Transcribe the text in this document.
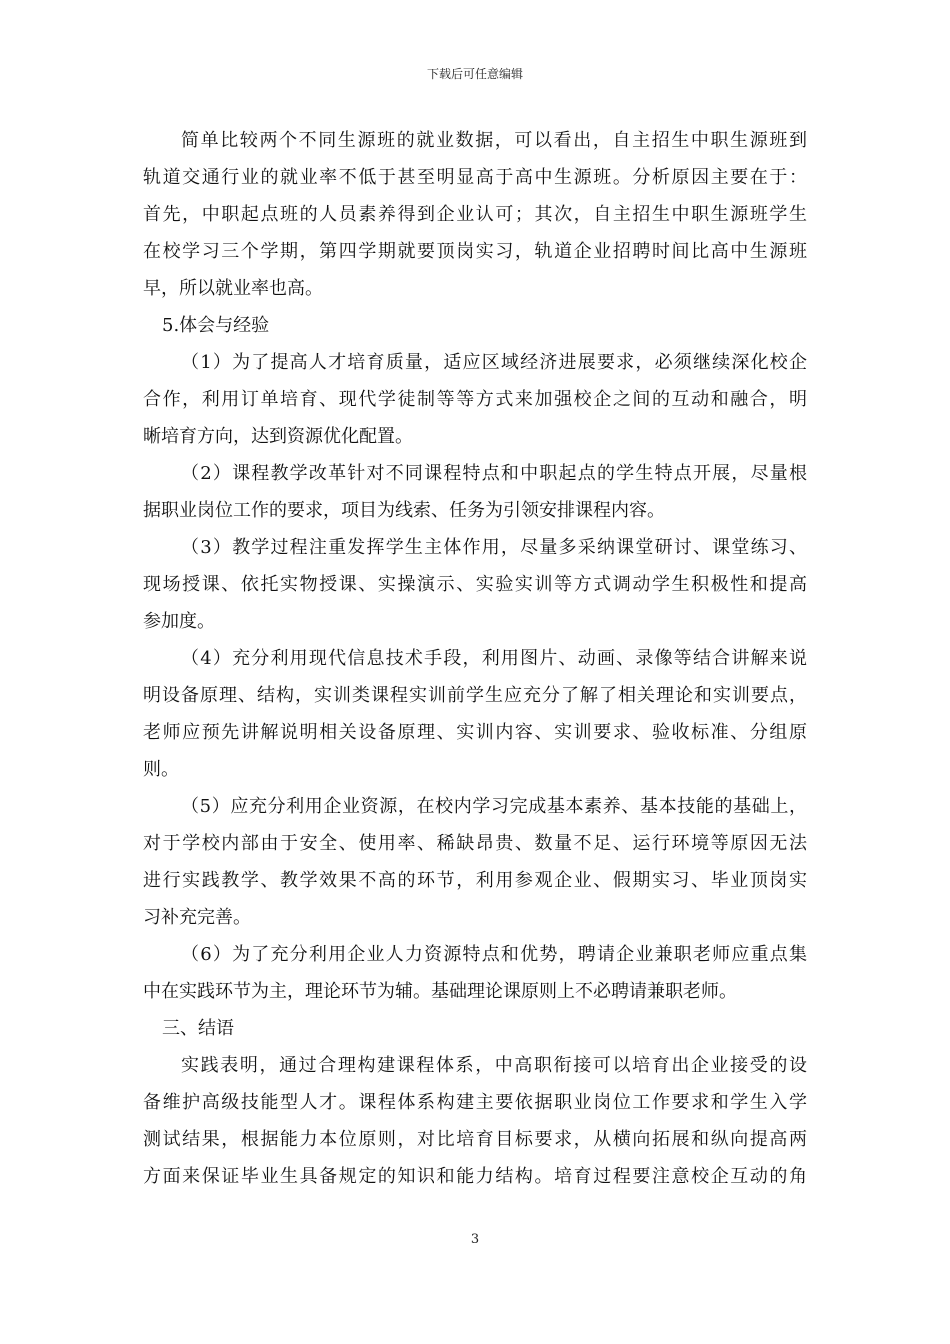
下载后可任意编辑
简单比较两个不同生源班的就业数据，可以看出，自主招生中职生源班到
轨道交通行业的就业率不低于甚至明显高于高中生源班。分析原因主要在于：
首先，中职起点班的人员素养得到企业认可；其次，自主招生中职生源班学生
在校学习三个学期，第四学期就要顶岗实习，轨道企业招聘时间比高中生源班
早，所以就业率也高。
5.体会与经验
（1）为了提高人才培育质量，适应区域经济进展要求，必须继续深化校企
合作，利用订单培育、现代学徒制等等方式来加强校企之间的互动和融合，明
晰培育方向，达到资源优化配置。
（2）课程教学改革针对不同课程特点和中职起点的学生特点开展，尽量根
据职业岗位工作的要求，项目为线索、任务为引领安排课程内容。
（3）教学过程注重发挥学生主体作用，尽量多采纳课堂研讨、课堂练习、
现场授课、依托实物授课、实操演示、实验实训等方式调动学生积极性和提高
参加度。
（4）充分利用现代信息技术手段，利用图片、动画、录像等结合讲解来说
明设备原理、结构，实训类课程实训前学生应充分了解了相关理论和实训要点，
老师应预先讲解说明相关设备原理、实训内容、实训要求、验收标准、分组原
则。
（5）应充分利用企业资源，在校内学习完成基本素养、基本技能的基础上，
对于学校内部由于安全、使用率、稀缺昂贵、数量不足、运行环境等原因无法
进行实践教学、教学效果不高的环节，利用参观企业、假期实习、毕业顶岗实
习补充完善。
（6）为了充分利用企业人力资源特点和优势，聘请企业兼职老师应重点集
中在实践环节为主，理论环节为辅。基础理论课原则上不必聘请兼职老师。
三、结语
实践表明，通过合理构建课程体系，中高职衔接可以培育出企业接受的设
备维护高级技能型人才。课程体系构建主要依据职业岗位工作要求和学生入学
测试结果，根据能力本位原则，对比培育目标要求，从横向拓展和纵向提高两
方面来保证毕业生具备规定的知识和能力结构。培育过程要注意校企互动的角
3
